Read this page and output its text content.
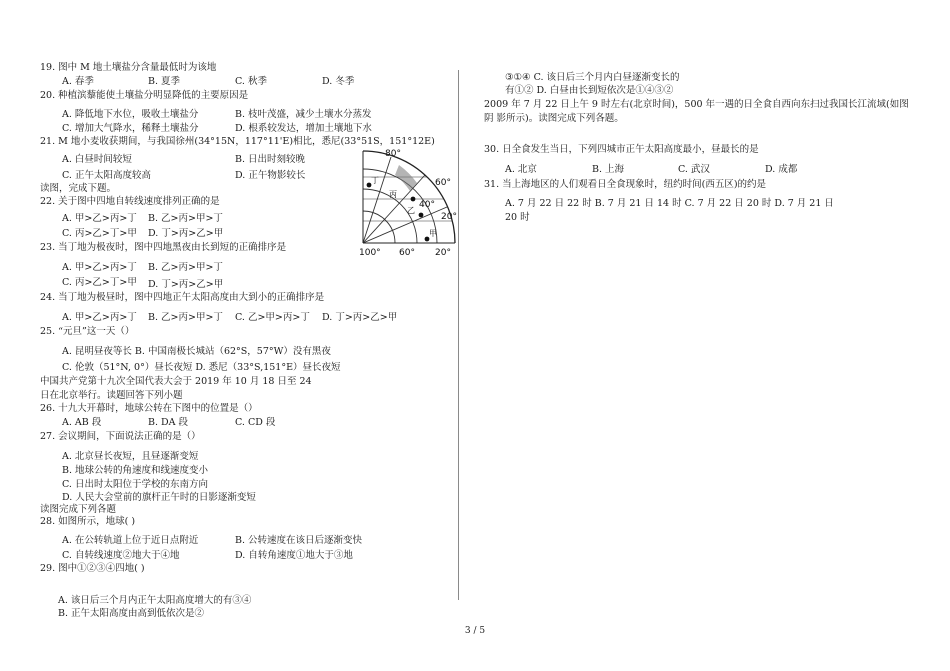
19. 图中 M 地土壤盐分含量最低时为该地
A. 春季	B. 夏季	C. 秋季	D. 冬季
20. 种植滨藜能使土壤盐分明显降低的主要原因是
A. 降低地下水位，吸收土壤盐分	B. 枝叶茂盛，减少土壤水分蒸发
C. 增加大气降水，稀释土壤盐分	D. 根系较发达，增加土壤地下水
21. M 地小麦收获期间，与我国徐州(34°15N，117°11'E)相比，悉尼(33°51S，151°12E)
A. 白昼时间较短	B. 日出时刻较晚
C. 正午太阳高度较高	D. 正午物影较长
读图，完成下题。
22. 关于图中四地自转线速度排列正确的是
A. 甲>乙>丙>丁 B. 乙>丙>甲>丁
C. 丙>乙>丁>甲 D. 丁>丙>乙>甲
23. 当丁地为极夜时，图中四地黑夜由长到短的正确排序是
A. 甲>乙>丙>丁 B. 乙>丙>甲>丁
C. 丙>乙>丁>甲 D. 丁>丙>乙>甲
24. 当丁地为极昼时，图中四地正午太阳高度由大到小的正确排序是
A. 甲>乙>丙>丁 B. 乙>丙>甲>丁 C. 乙>甲>丙>丁 D. 丁>丙>乙>甲
25. “元旦”这一天（）
A. 昆明昼夜等长 B. 中国南极长城站（62°S，57°W）没有黑夜
C. 伦敦（51°N, 0°）昼长夜短 D. 悉尼（33°S,151°E）昼长夜短
中国共产党第十九次全国代表大会于 2019 年 10 月 18 日至 24
日在北京举行。读题回答下列小题
26. 十九大开幕时，地球公转在下图中的位置是（）
A. AB 段	B. DA 段	C. CD 段
27. 会议期间，下面说法正确的是（）
A. 北京昼长夜短，且昼逐渐变短
B. 地球公转的角速度和线速度变小
C. 日出时太阳位于学校的东南方向
D. 人民大会堂前的旗杆正午时的日影逐渐变短
读图完成下列各题
28. 如图所示，地球( )
A. 在公转轨道上位于近日点附近	B. 公转速度在该日后逐渐变快
C. 自转线速度②地大于④地	D. 自转角速度①地大于③地
29. 图中①②③④四地( )
A. 该日后三个月内正午太阳高度增大的有③④
B. 正午太阳高度由高到低依次是②
80°
60°
40°
20°
100° 60° 20°
丁
丙
乙
甲
③①④ C. 该日后三个月内白昼逐渐变长的
有①② D. 白昼由长到短依次是①④③②
2009 年 7 月 22 日上午 9 时左右(北京时间)，500 年一遇的日全食自西向东扫过我国长江流域(如图
阴 影所示)。读图完成下列各题。
30. 日全食发生当日，下列四城市正午太阳高度最小，昼最长的是
A. 北京	B. 上海	C. 武汉	D. 成都
31. 当上海地区的人们观看日全食现象时，纽约时间(西五区)的约是
A. 7 月 22 日 22 时 B. 7 月 21 日 14 时 C. 7 月 22 日 20 时 D. 7 月 21 日
20 时
3 / 5
